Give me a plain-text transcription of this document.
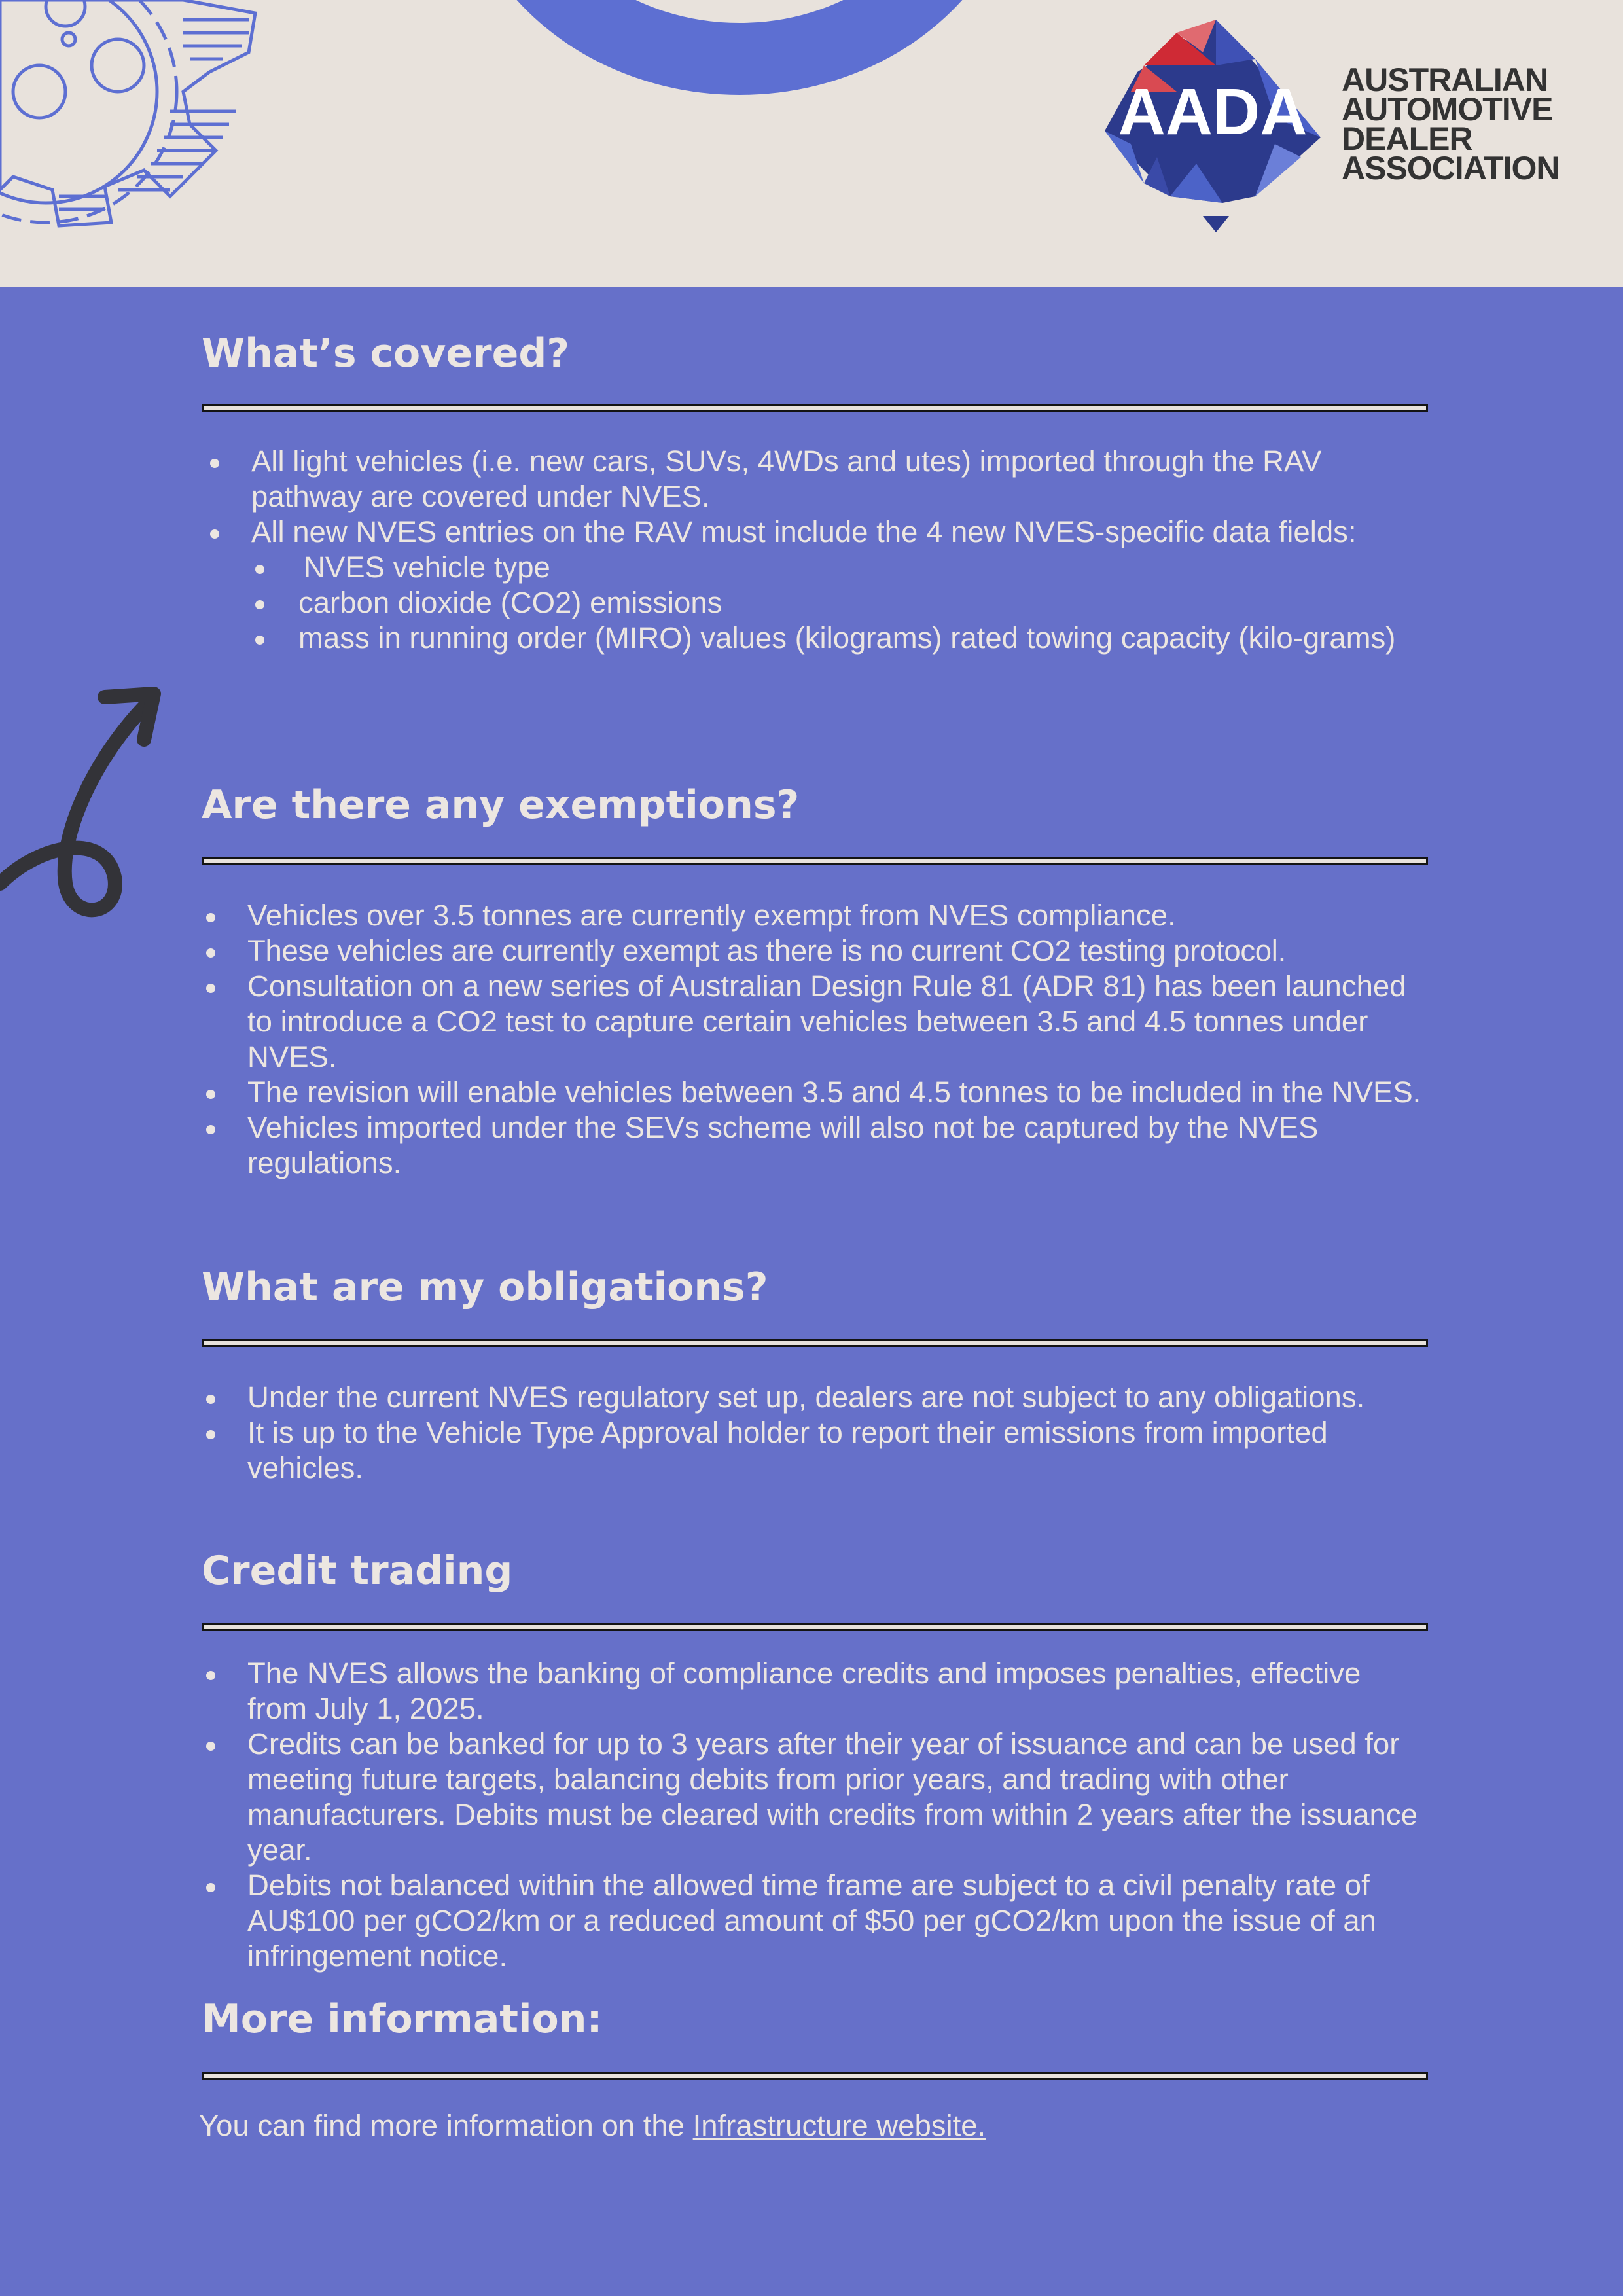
AADA AUSTRALIAN
AUTOMOTIVE
DEALER
ASSOCIATION
What’s covered?
All light vehicles (i.e. new cars, SUVs, 4WDs and utes) imported through the RAV pathway are covered under NVES.
All new NVES entries on the RAV must include the 4 new NVES-specific data fields:
NVES vehicle type
carbon dioxide (CO2) emissions
mass in running order (MIRO) values (kilograms) rated towing capacity (kilo-grams)
Are there any exemptions?
Vehicles over 3.5 tonnes are currently exempt from NVES compliance.
These vehicles are currently exempt as there is no current CO2 testing protocol.
Consultation on a new series of Australian Design Rule 81 (ADR 81) has been launched to introduce a CO2 test to capture certain vehicles between 3.5 and 4.5 tonnes under NVES.
The revision will enable vehicles between 3.5 and 4.5 tonnes to be included in the NVES.
Vehicles imported under the SEVs scheme will also not be captured by the NVES regulations.
What are my obligations?
Under the current NVES regulatory set up, dealers are not subject to any obligations.
It is up to the Vehicle Type Approval holder to report their emissions from imported vehicles.
Credit trading
The NVES allows the banking of compliance credits and imposes penalties, effective from July 1, 2025.
Credits can be banked for up to 3 years after their year of issuance and can be used for meeting future targets, balancing debits from prior years, and trading with other manufacturers. Debits must be cleared with credits from within 2 years after the issuance year.
Debits not balanced within the allowed time frame are subject to a civil penalty rate of AU$100 per gCO2/km or a reduced amount of $50 per gCO2/km upon the issue of an infringement notice.
More information:
You can find more information on the Infrastructure website.
